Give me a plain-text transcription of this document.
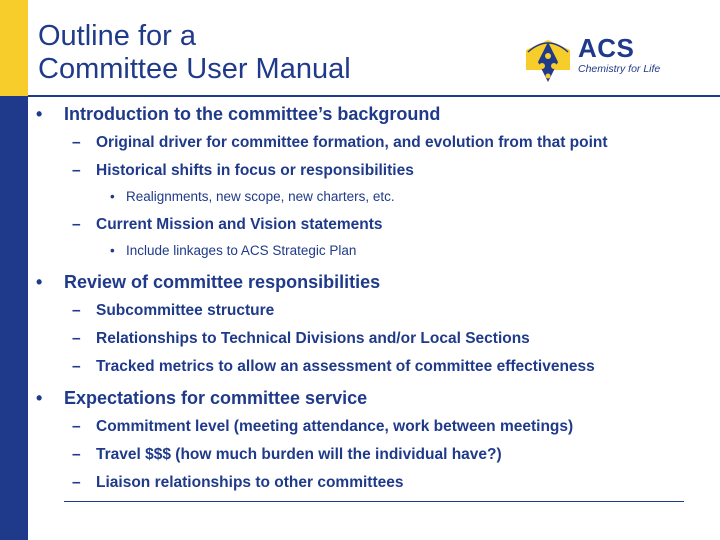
Outline for a
Committee User Manual
ACS
Chemistry for Life
• Introduction to the committee’s background
– Original driver for committee formation, and evolution from that point
– Historical shifts in focus or responsibilities
• Realignments, new scope, new charters, etc.
– Current Mission and Vision statements
• Include linkages to ACS Strategic Plan
• Review of committee responsibilities
– Subcommittee structure
– Relationships to Technical Divisions and/or Local Sections
– Tracked metrics to allow an assessment of committee effectiveness
• Expectations for committee service
– Commitment level (meeting attendance, work between meetings)
– Travel $$$ (how much burden will the individual have?)
– Liaison relationships to other committees
